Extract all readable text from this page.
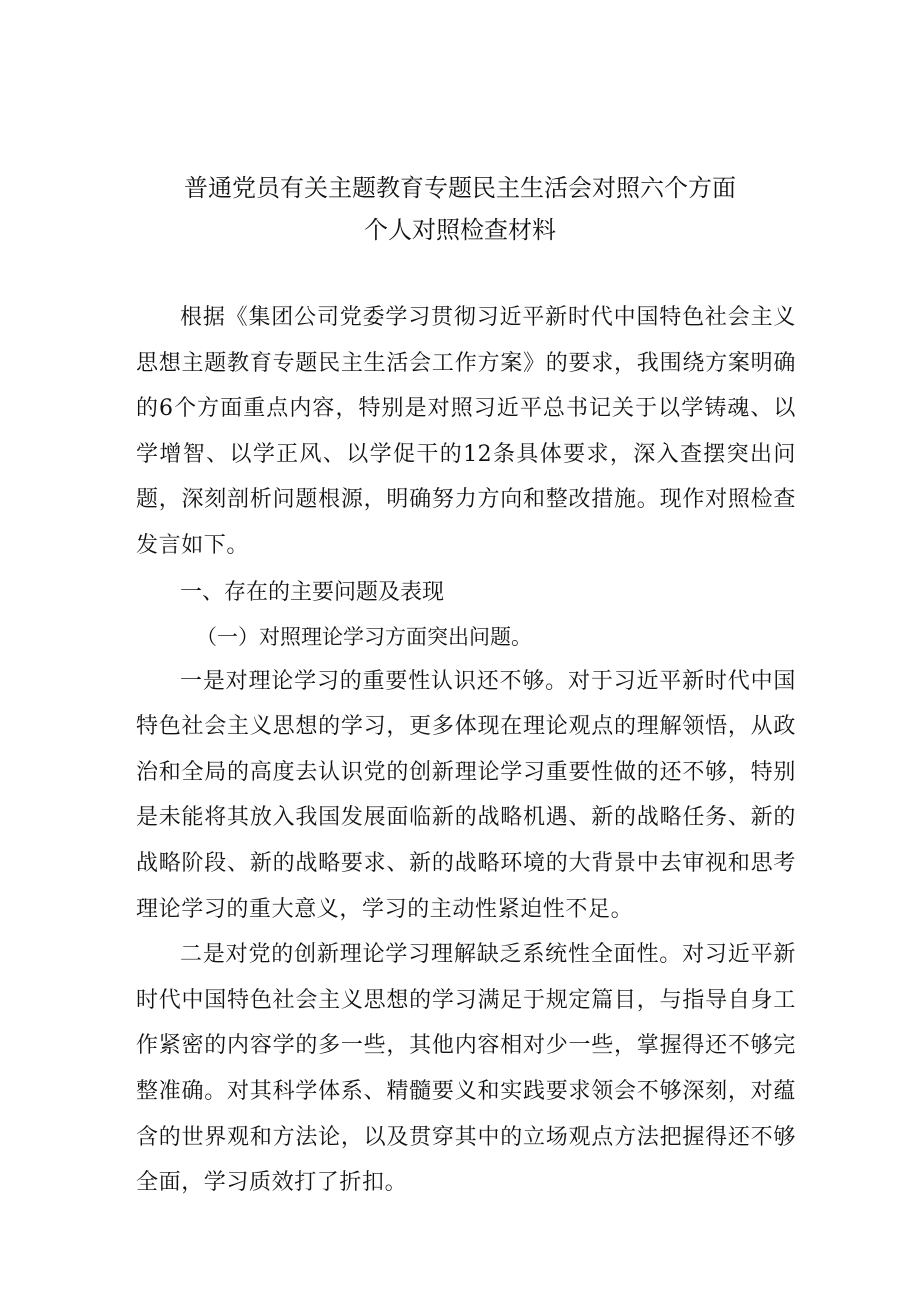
普通党员有关主题教育专题民主生活会对照六个方面
个人对照检查材料

根据《集团公司党委学习贯彻习近平新时代中国特色社会主义思想主题教育专题民主生活会工作方案》的要求，我围绕方案明确的6个方面重点内容，特别是对照习近平总书记关于以学铸魂、以学增智、以学正风、以学促干的12条具体要求，深入查摆突出问题，深刻剖析问题根源，明确努力方向和整改措施。现作对照检查发言如下。

一、存在的主要问题及表现

（一）对照理论学习方面突出问题。

一是对理论学习的重要性认识还不够。对于习近平新时代中国特色社会主义思想的学习，更多体现在理论观点的理解领悟，从政治和全局的高度去认识党的创新理论学习重要性做的还不够，特别是未能将其放入我国发展面临新的战略机遇、新的战略任务、新的战略阶段、新的战略要求、新的战略环境的大背景中去审视和思考理论学习的重大意义，学习的主动性紧迫性不足。

二是对党的创新理论学习理解缺乏系统性全面性。对习近平新时代中国特色社会主义思想的学习满足于规定篇目，与指导自身工作紧密的内容学的多一些，其他内容相对少一些，掌握得还不够完整准确。对其科学体系、精髓要义和实践要求领会不够深刻，对蕴含的世界观和方法论，以及贯穿其中的立场观点方法把握得还不够全面，学习质效打了折扣。
